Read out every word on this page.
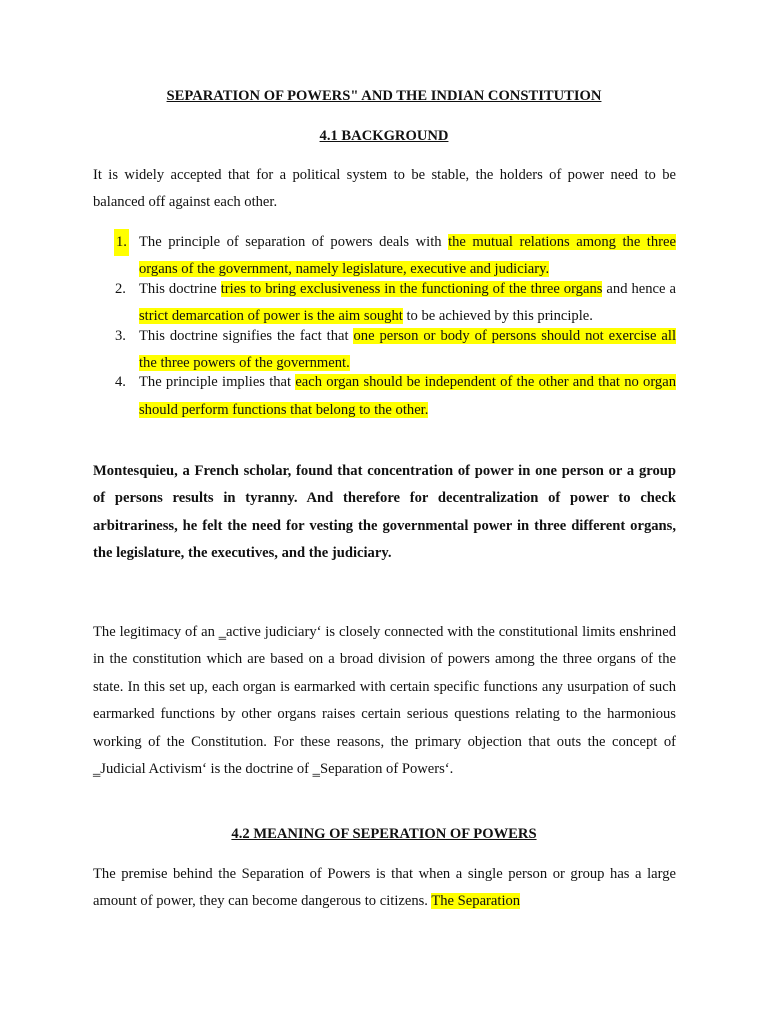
SEPARATION OF POWERS" AND THE INDIAN CONSTITUTION
4.1 BACKGROUND
It is widely accepted that for a political system to be stable, the holders of power need to be balanced off against each other.
1. The principle of separation of powers deals with the mutual relations among the three organs of the government, namely legislature, executive and judiciary.
2. This doctrine tries to bring exclusiveness in the functioning of the three organs and hence a strict demarcation of power is the aim sought to be achieved by this principle.
3. This doctrine signifies the fact that one person or body of persons should not exercise all the three powers of the government.
4. The principle implies that each organ should be independent of the other and that no organ should perform functions that belong to the other.
Montesquieu, a French scholar, found that concentration of power in one person or a group of persons results in tyranny. And therefore for decentralization of power to check arbitrariness, he felt the need for vesting the governmental power in three different organs, the legislature, the executives, and the judiciary.
The legitimacy of an ‗active judiciary‘ is closely connected with the constitutional limits enshrined in the constitution which are based on a broad division of powers among the three organs of the state. In this set up, each organ is earmarked with certain specific functions any usurpation of such earmarked functions by other organs raises certain serious questions relating to the harmonious working of the Constitution. For these reasons, the primary objection that outs the concept of ‗Judicial Activism‘ is the doctrine of ‗Separation of Powers‘.
4.2 MEANING OF SEPERATION OF POWERS
The premise behind the Separation of Powers is that when a single person or group has a large amount of power, they can become dangerous to citizens. The Separation
